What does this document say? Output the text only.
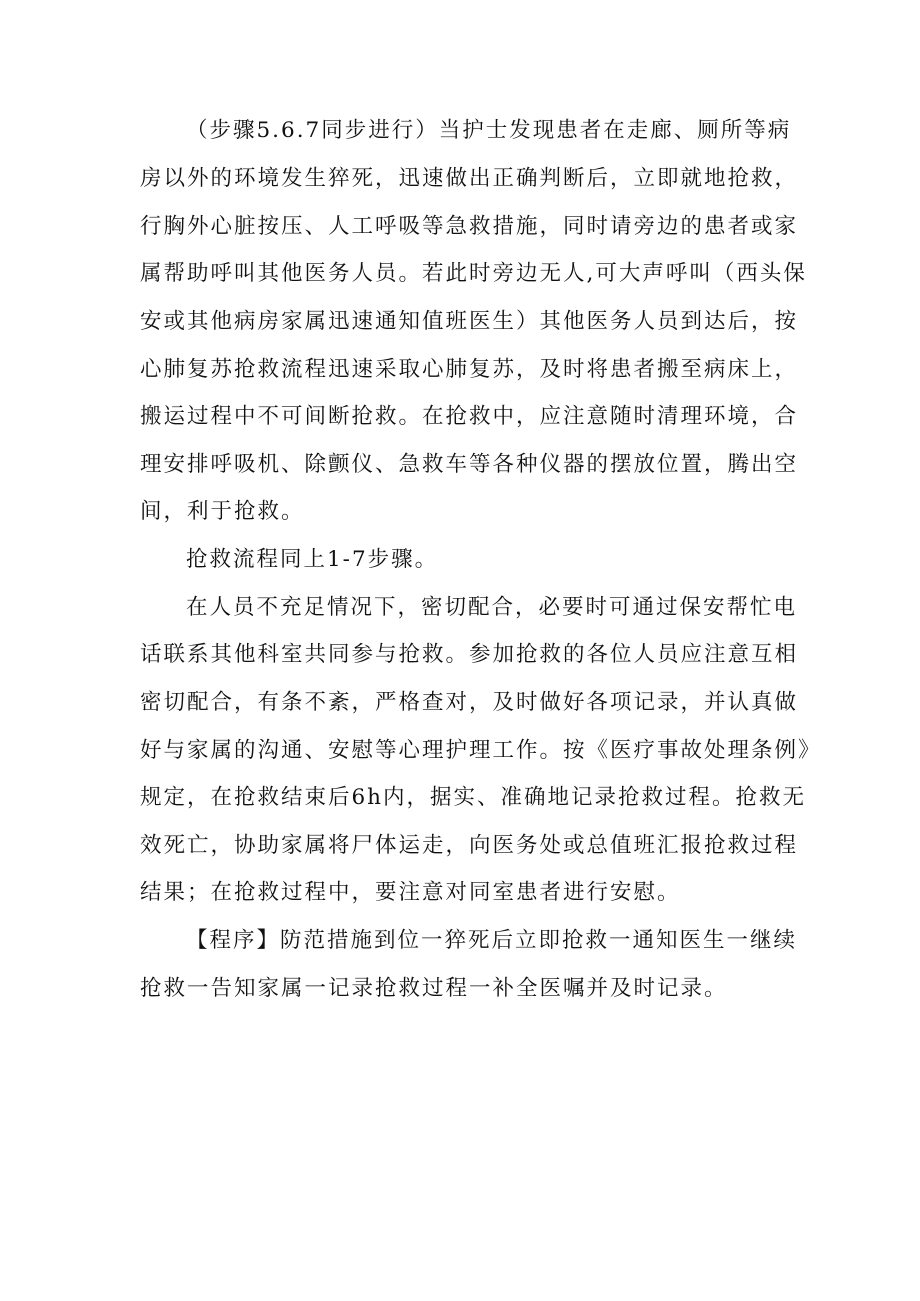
（步骤5.6.7同步进行）当护士发现患者在走廊、厕所等病

房以外的环境发生猝死，迅速做出正确判断后，立即就地抢救，

行胸外心脏按压、人工呼吸等急救措施，同时请旁边的患者或家

属帮助呼叫其他医务人员。若此时旁边无人,可大声呼叫（西头保

安或其他病房家属迅速通知值班医生）其他医务人员到达后，按

心肺复苏抢救流程迅速采取心肺复苏，及时将患者搬至病床上，

搬运过程中不可间断抢救。在抢救中，应注意随时清理环境，合

理安排呼吸机、除颤仪、急救车等各种仪器的摆放位置，腾出空

间，利于抢救。

抢救流程同上1-7步骤。

在人员不充足情况下，密切配合，必要时可通过保安帮忙电

话联系其他科室共同参与抢救。参加抢救的各位人员应注意互相

密切配合，有条不紊，严格查对，及时做好各项记录，并认真做

好与家属的沟通、安慰等心理护理工作。按《医疗事故处理条例》

规定，在抢救结束后6h内，据实、准确地记录抢救过程。抢救无

效死亡，协助家属将尸体运走，向医务处或总值班汇报抢救过程

结果；在抢救过程中，要注意对同室患者进行安慰。

【程序】防范措施到位一猝死后立即抢救一通知医生一继续

抢救一告知家属一记录抢救过程一补全医嘱并及时记录。
